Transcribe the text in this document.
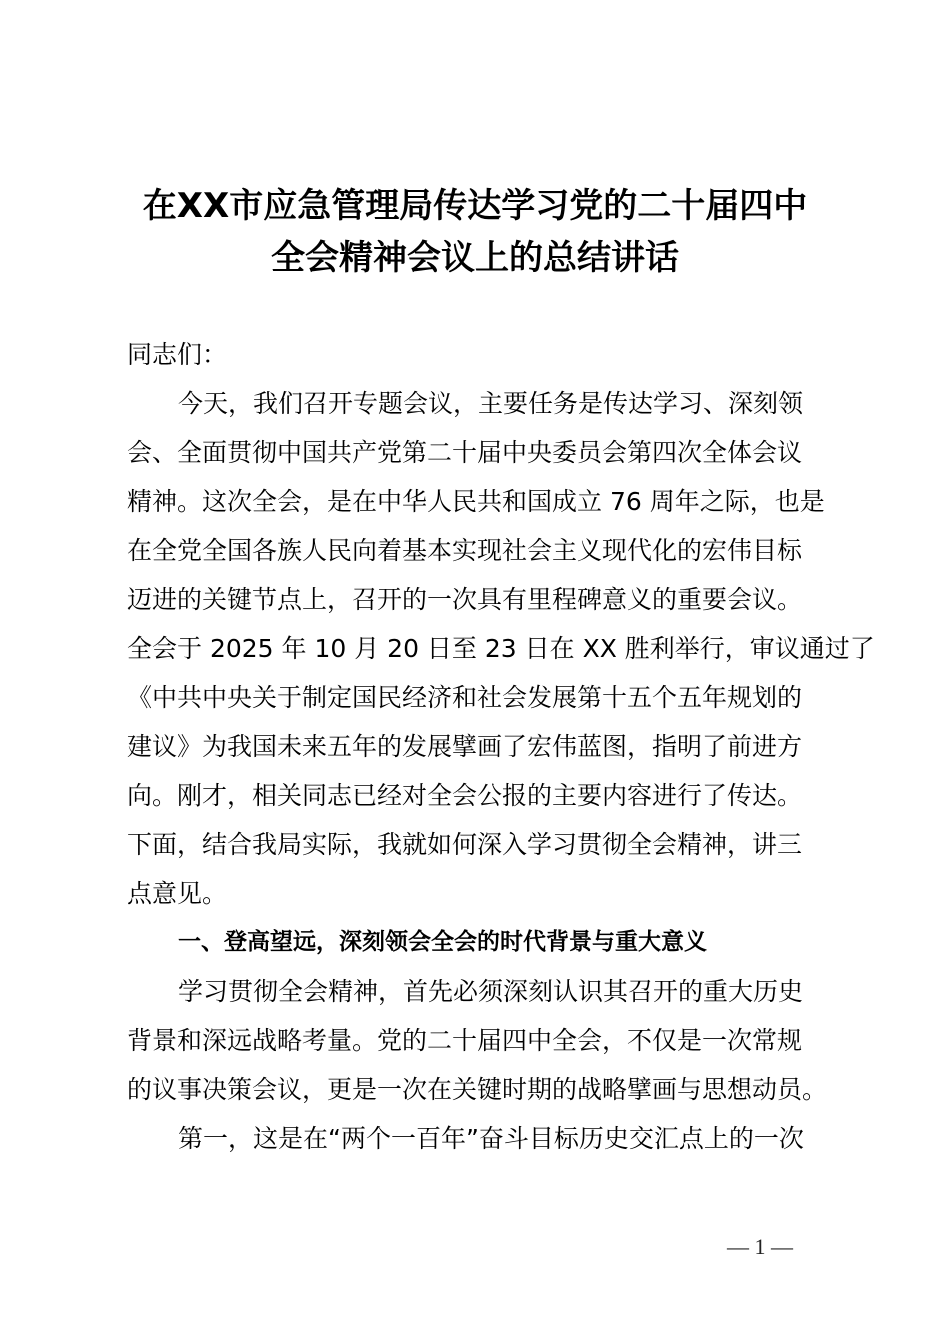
在XX市应急管理局传达学习党的二十届四中
全会精神会议上的总结讲话
同志们：
今天，我们召开专题会议，主要任务是传达学习、深刻领
会、全面贯彻中国共产党第二十届中央委员会第四次全体会议
精神。这次全会，是在中华人民共和国成立 76 周年之际，也是
在全党全国各族人民向着基本实现社会主义现代化的宏伟目标
迈进的关键节点上，召开的一次具有里程碑意义的重要会议。
全会于 2025 年 10 月 20 日至 23 日在 XX 胜利举行，审议通过了
《中共中央关于制定国民经济和社会发展第十五个五年规划的
建议》为我国未来五年的发展擘画了宏伟蓝图，指明了前进方
向。刚才，相关同志已经对全会公报的主要内容进行了传达。
下面，结合我局实际，我就如何深入学习贯彻全会精神，讲三
点意见。
一、登高望远，深刻领会全会的时代背景与重大意义
学习贯彻全会精神，首先必须深刻认识其召开的重大历史
背景和深远战略考量。党的二十届四中全会，不仅是一次常规
的议事决策会议，更是一次在关键时期的战略擘画与思想动员。
第一，这是在“两个一百年”奋斗目标历史交汇点上的一次
— 1 —
